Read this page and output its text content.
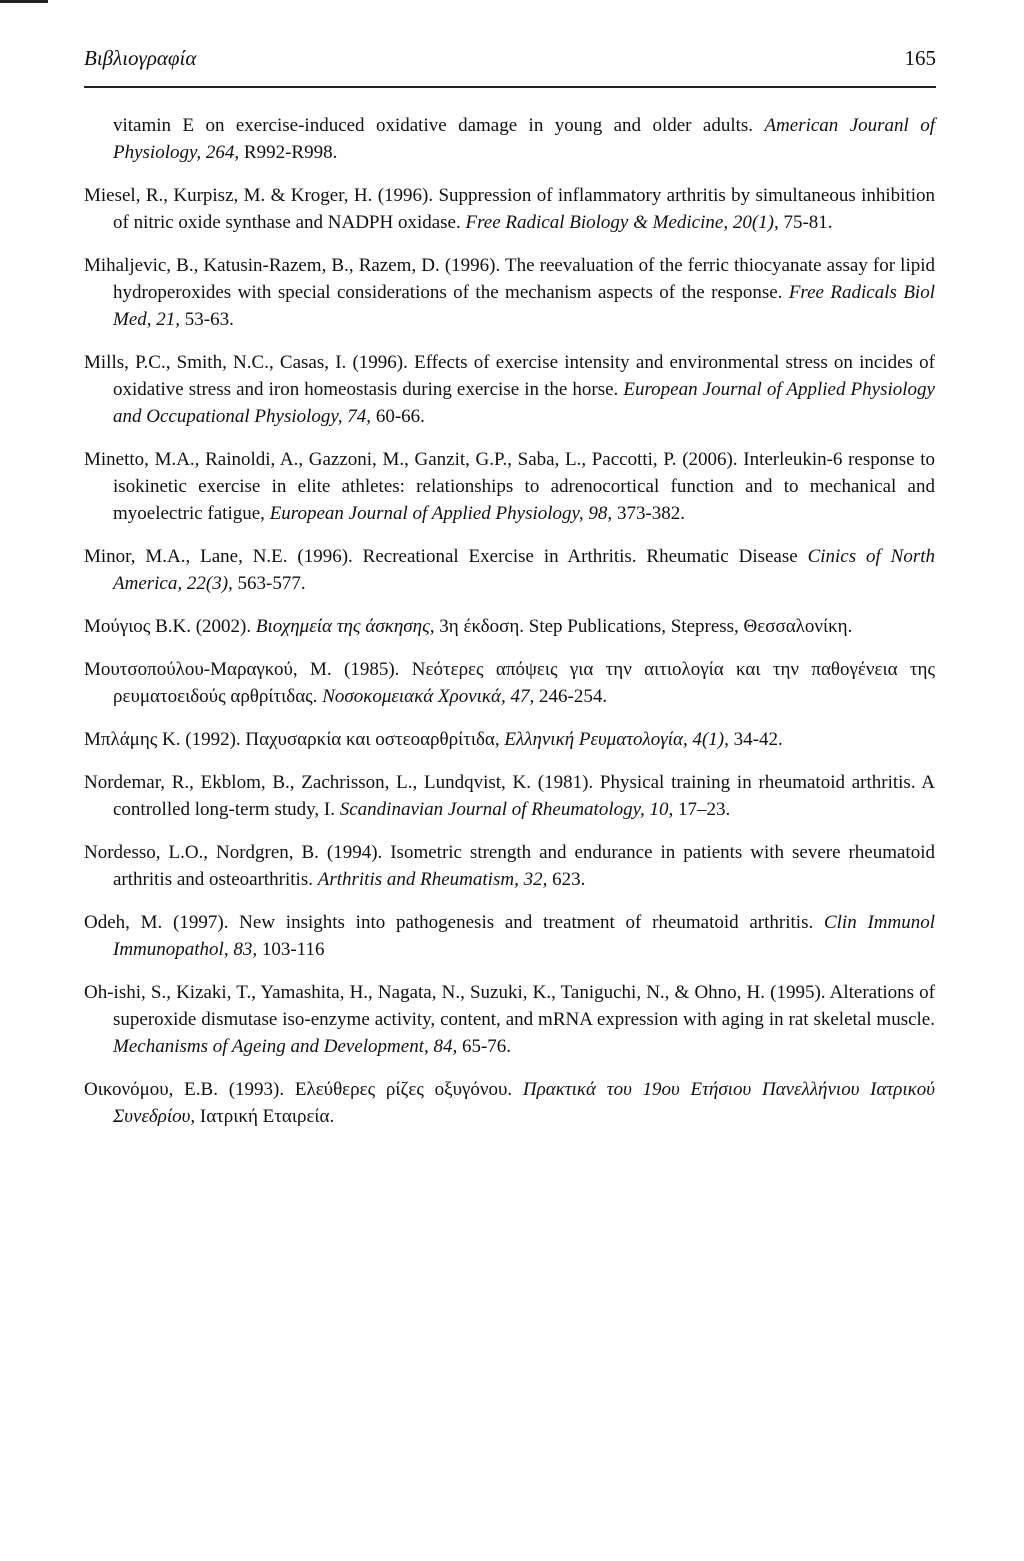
Βιβλιογραφία	165

vitamin E on exercise-induced oxidative damage in young and older adults. American Jouranl of Physiology, 264, R992-R998.

Miesel, R., Kurpisz, M. & Kroger, H. (1996). Suppression of inflammatory arthritis by simultaneous inhibition of nitric oxide synthase and NADPH oxidase. Free Radical Biology & Medicine, 20(1), 75-81.

Mihaljevic, B., Katusin-Razem, B., Razem, D. (1996). The reevaluation of the ferric thiocyanate assay for lipid hydroperoxides with special considerations of the mechanism aspects of the response. Free Radicals Biol Med, 21, 53-63.

Mills, P.C., Smith, N.C., Casas, I. (1996). Effects of exercise intensity and environmental stress on incides of oxidative stress and iron homeostasis during exercise in the horse. European Journal of Applied Physiology and Occupational Physiology, 74, 60-66.

Minetto, M.A., Rainoldi, A., Gazzoni, M., Ganzit, G.P., Saba, L., Paccotti, P. (2006). Interleukin-6 response to isokinetic exercise in elite athletes: relationships to adrenocortical function and to mechanical and myoelectric fatigue, European Journal of Applied Physiology, 98, 373-382.

Minor, M.A., Lane, N.E. (1996). Recreational Exercise in Arthritis. Rheumatic Disease Cinics of North America, 22(3), 563-577.

Μούγιος Β.Κ. (2002). Βιοχημεία της άσκησης, 3η έκδοση. Step Publications, Stepress, Θεσσαλονίκη.

Μουτσοπούλου-Μαραγκού, Μ. (1985). Νεότερες απόψεις για την αιτιολογία και την παθογένεια της ρευματοειδούς αρθρίτιδας. Νοσοκομειακά Χρονικά, 47, 246-254.

Μπλάμης Κ. (1992). Παχυσαρκία και οστεοαρθρίτιδα, Ελληνική Ρευματολογία, 4(1), 34-42.

Nordemar, R., Ekblom, B., Zachrisson, L., Lundqvist, K. (1981). Physical training in rheumatoid arthritis. A controlled long-term study, I. Scandinavian Journal of Rheumatology, 10, 17–23.

Nordesso, L.O., Nordgren, B. (1994). Isometric strength and endurance in patients with severe rheumatoid arthritis and osteoarthritis. Arthritis and Rheumatism, 32, 623.

Odeh, M. (1997). New insights into pathogenesis and treatment of rheumatoid arthritis. Clin Immunol Immunopathol, 83, 103-116

Oh-ishi, S., Kizaki, T., Yamashita, H., Nagata, N., Suzuki, K., Taniguchi, N., & Ohno, H. (1995). Alterations of superoxide dismutase iso-enzyme activity, content, and mRNA expression with aging in rat skeletal muscle. Mechanisms of Ageing and Development, 84, 65-76.

Οικονόμου, Ε.Β. (1993). Ελεύθερες ρίζες οξυγόνου. Πρακτικά του 19ου Ετήσιου Πανελλήνιου Ιατρικού Συνεδρίου, Ιατρική Εταιρεία.
